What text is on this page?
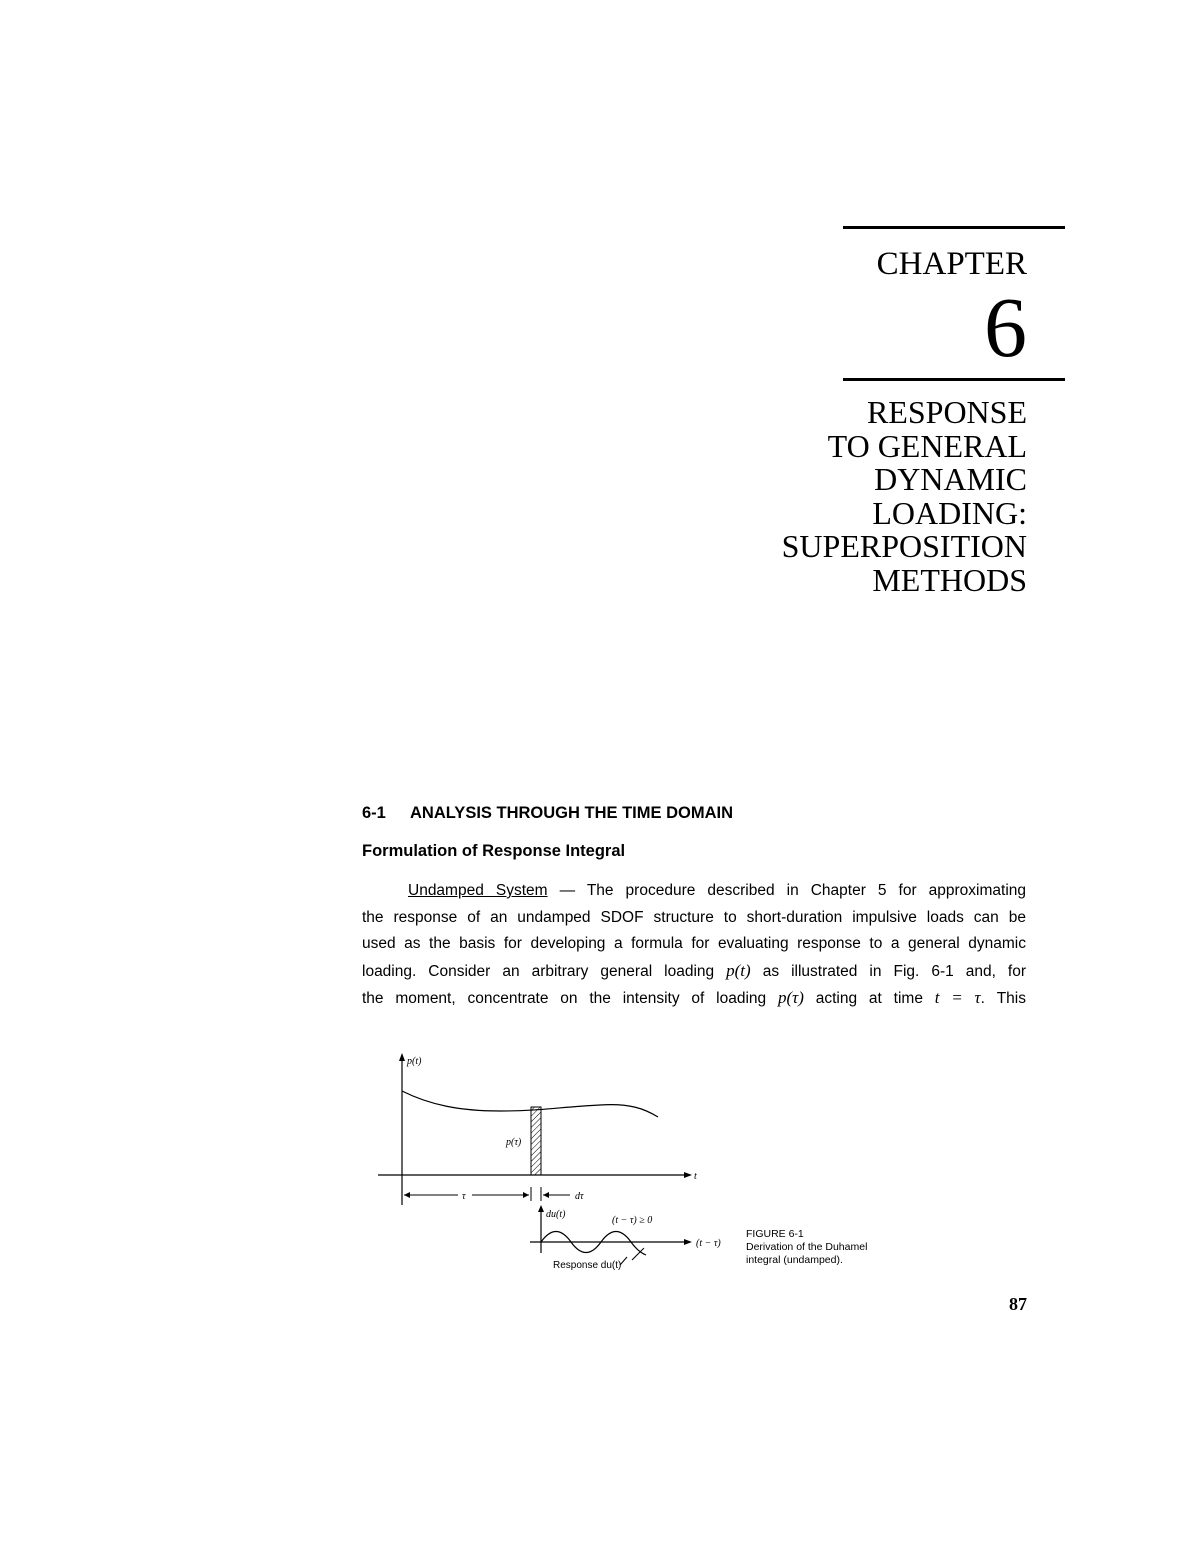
CHAPTER
6
RESPONSE
TO GENERAL
DYNAMIC
LOADING:
SUPERPOSITION
METHODS
6-1 ANALYSIS THROUGH THE TIME DOMAIN
Formulation of Response Integral
Undamped System — The procedure described in Chapter 5 for approximating
the response of an undamped SDOF structure to short-duration impulsive loads can be
used as the basis for developing a formula for evaluating response to a general dynamic
loading. Consider an arbitrary general loading p(t) as illustrated in Fig. 6-1 and, for
the moment, concentrate on the intensity of loading p(τ) acting at time t = τ. This
p(t)
t
p(τ)
τ	dτ
du(t)
(t − τ)
(t − τ) ≥ 0
Response du(t)
FIGURE 6-1
Derivation of the Duhamel
integral (undamped).
87
